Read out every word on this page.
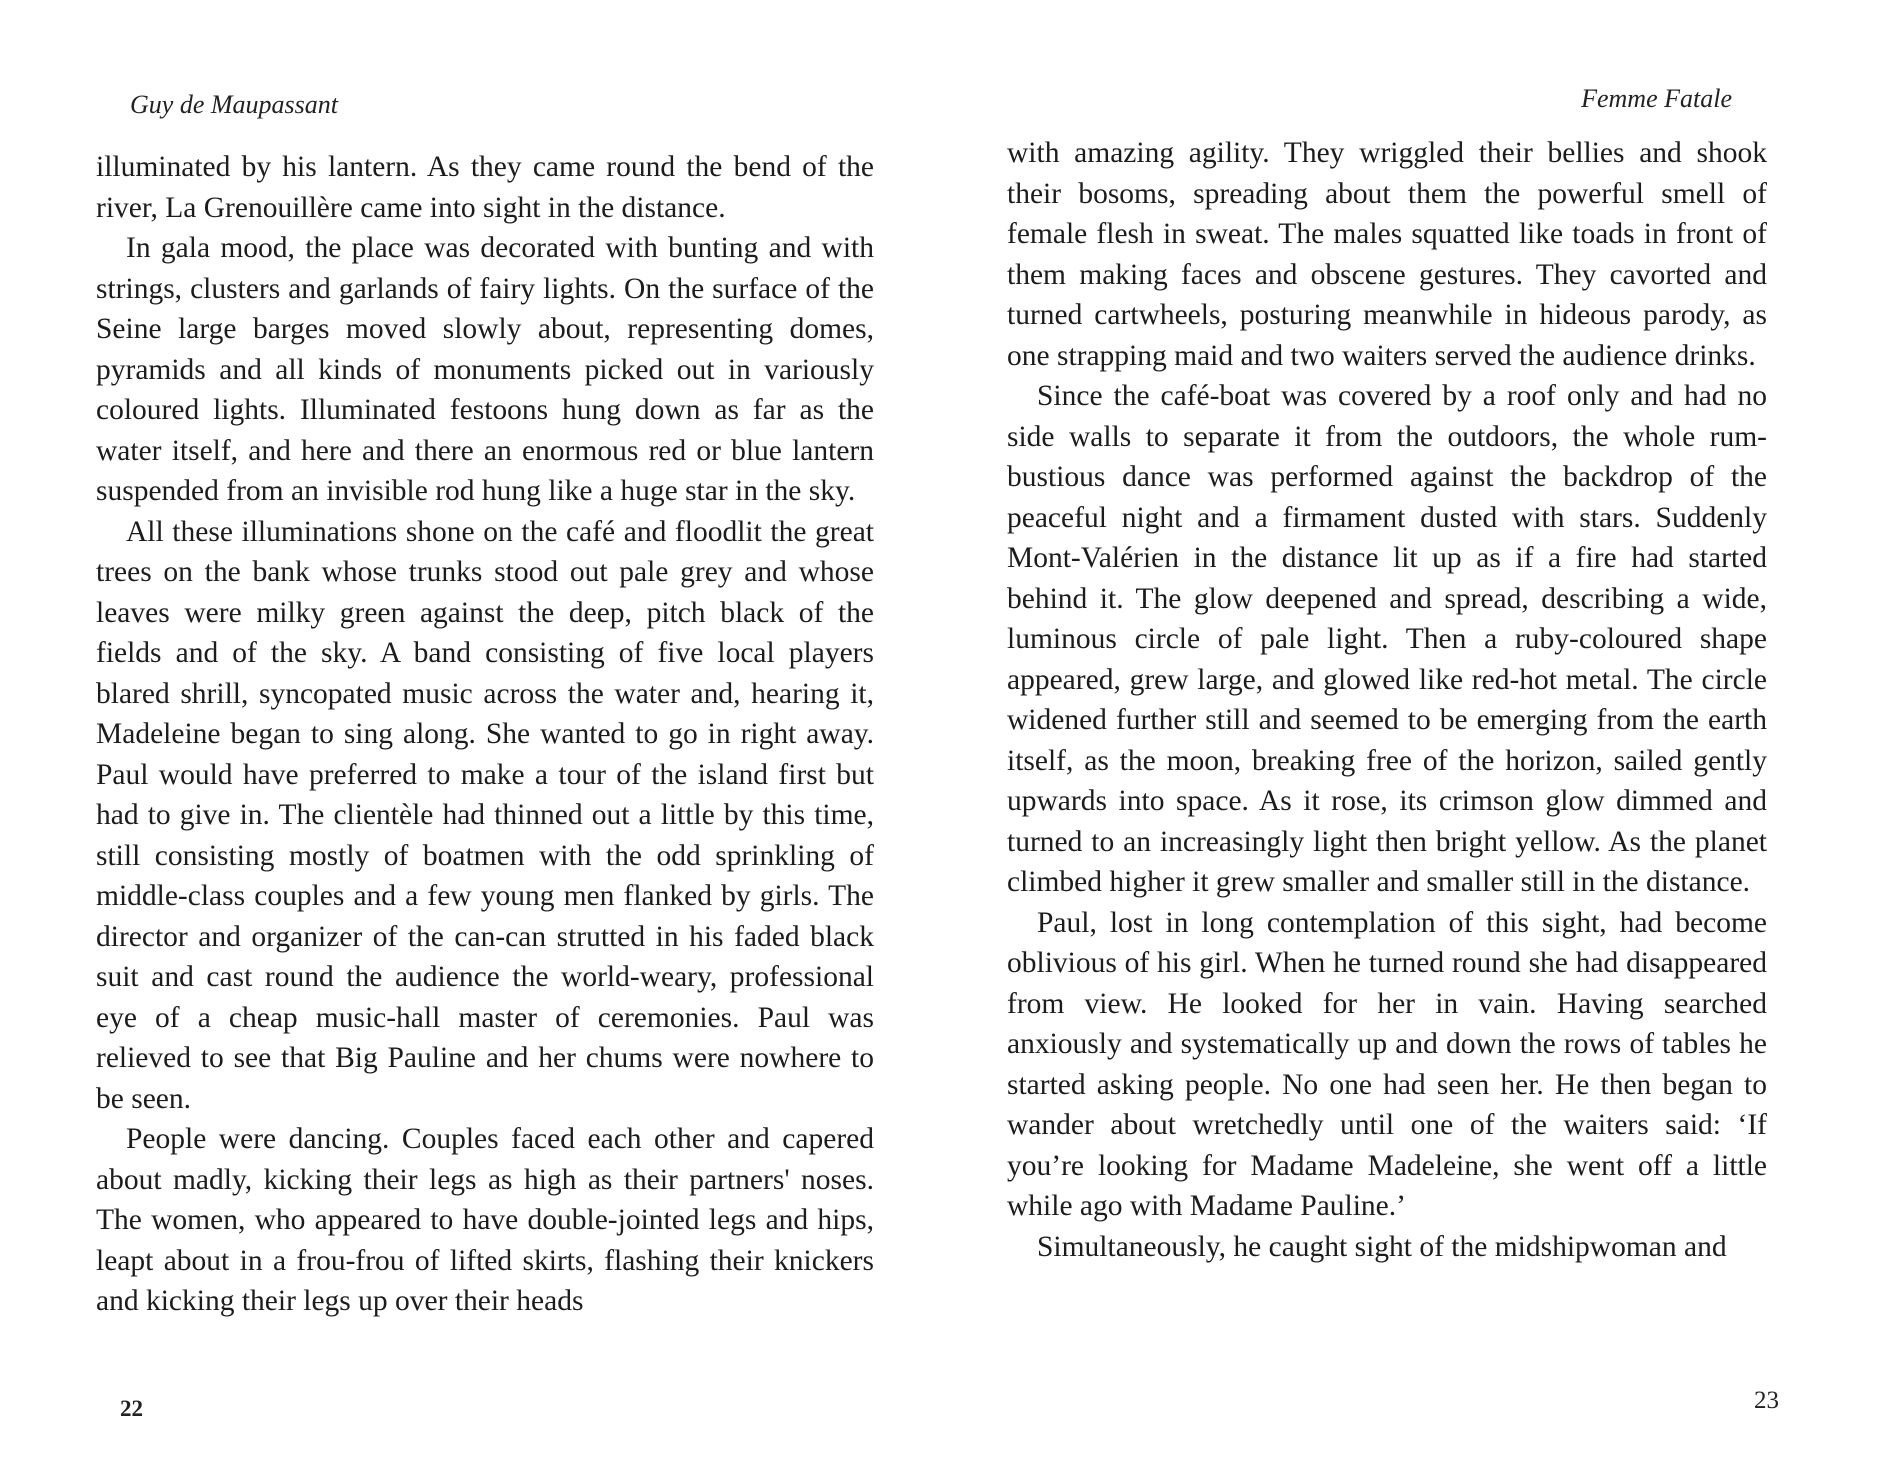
Guy de Maupassant

illuminated by his lantern. As they came round the bend of the river, La Grenouillère came into sight in the distance.

In gala mood, the place was decorated with bunting and with strings, clusters and garlands of fairy lights. On the surface of the Seine large barges moved slowly about, representing domes, pyramids and all kinds of monuments picked out in variously coloured lights. Illuminated festoons hung down as far as the water itself, and here and there an enormous red or blue lantern suspended from an invisible rod hung like a huge star in the sky.

All these illuminations shone on the café and floodlit the great trees on the bank whose trunks stood out pale grey and whose leaves were milky green against the deep, pitch black of the fields and of the sky. A band consisting of five local players blared shrill, syncopated music across the water and, hearing it, Madeleine began to sing along. She wanted to go in right away. Paul would have preferred to make a tour of the island first but had to give in. The clientèle had thinned out a little by this time, still consisting mostly of boatmen with the odd sprinkling of middle-class couples and a few young men flanked by girls. The director and organizer of the can-can strutted in his faded black suit and cast round the audience the world-weary, professional eye of a cheap music-hall master of ceremonies. Paul was relieved to see that Big Pauline and her chums were nowhere to be seen.

People were dancing. Couples faced each other and capered about madly, kicking their legs as high as their partners' noses. The women, who appeared to have double-jointed legs and hips, leapt about in a frou-frou of lifted skirts, flashing their knickers and kicking their legs up over their heads

22
Femme Fatale

with amazing agility. They wriggled their bellies and shook their bosoms, spreading about them the powerful smell of female flesh in sweat. The males squatted like toads in front of them making faces and obscene gestures. They cavorted and turned cartwheels, posturing meanwhile in hideous parody, as one strapping maid and two waiters served the audience drinks.

Since the café-boat was covered by a roof only and had no side walls to separate it from the outdoors, the whole rumbustious dance was performed against the backdrop of the peaceful night and a firmament dusted with stars. Suddenly Mont-Valérien in the distance lit up as if a fire had started behind it. The glow deepened and spread, describing a wide, luminous circle of pale light. Then a ruby-coloured shape appeared, grew large, and glowed like red-hot metal. The circle widened further still and seemed to be emerging from the earth itself, as the moon, breaking free of the horizon, sailed gently upwards into space. As it rose, its crimson glow dimmed and turned to an increasingly light then bright yellow. As the planet climbed higher it grew smaller and smaller still in the distance.

Paul, lost in long contemplation of this sight, had become oblivious of his girl. When he turned round she had disappeared from view. He looked for her in vain. Having searched anxiously and systematically up and down the rows of tables he started asking people. No one had seen her. He then began to wander about wretchedly until one of the waiters said: ‘If you’re looking for Madame Madeleine, she went off a little while ago with Madame Pauline.’

Simultaneously, he caught sight of the midshipwoman and

23
